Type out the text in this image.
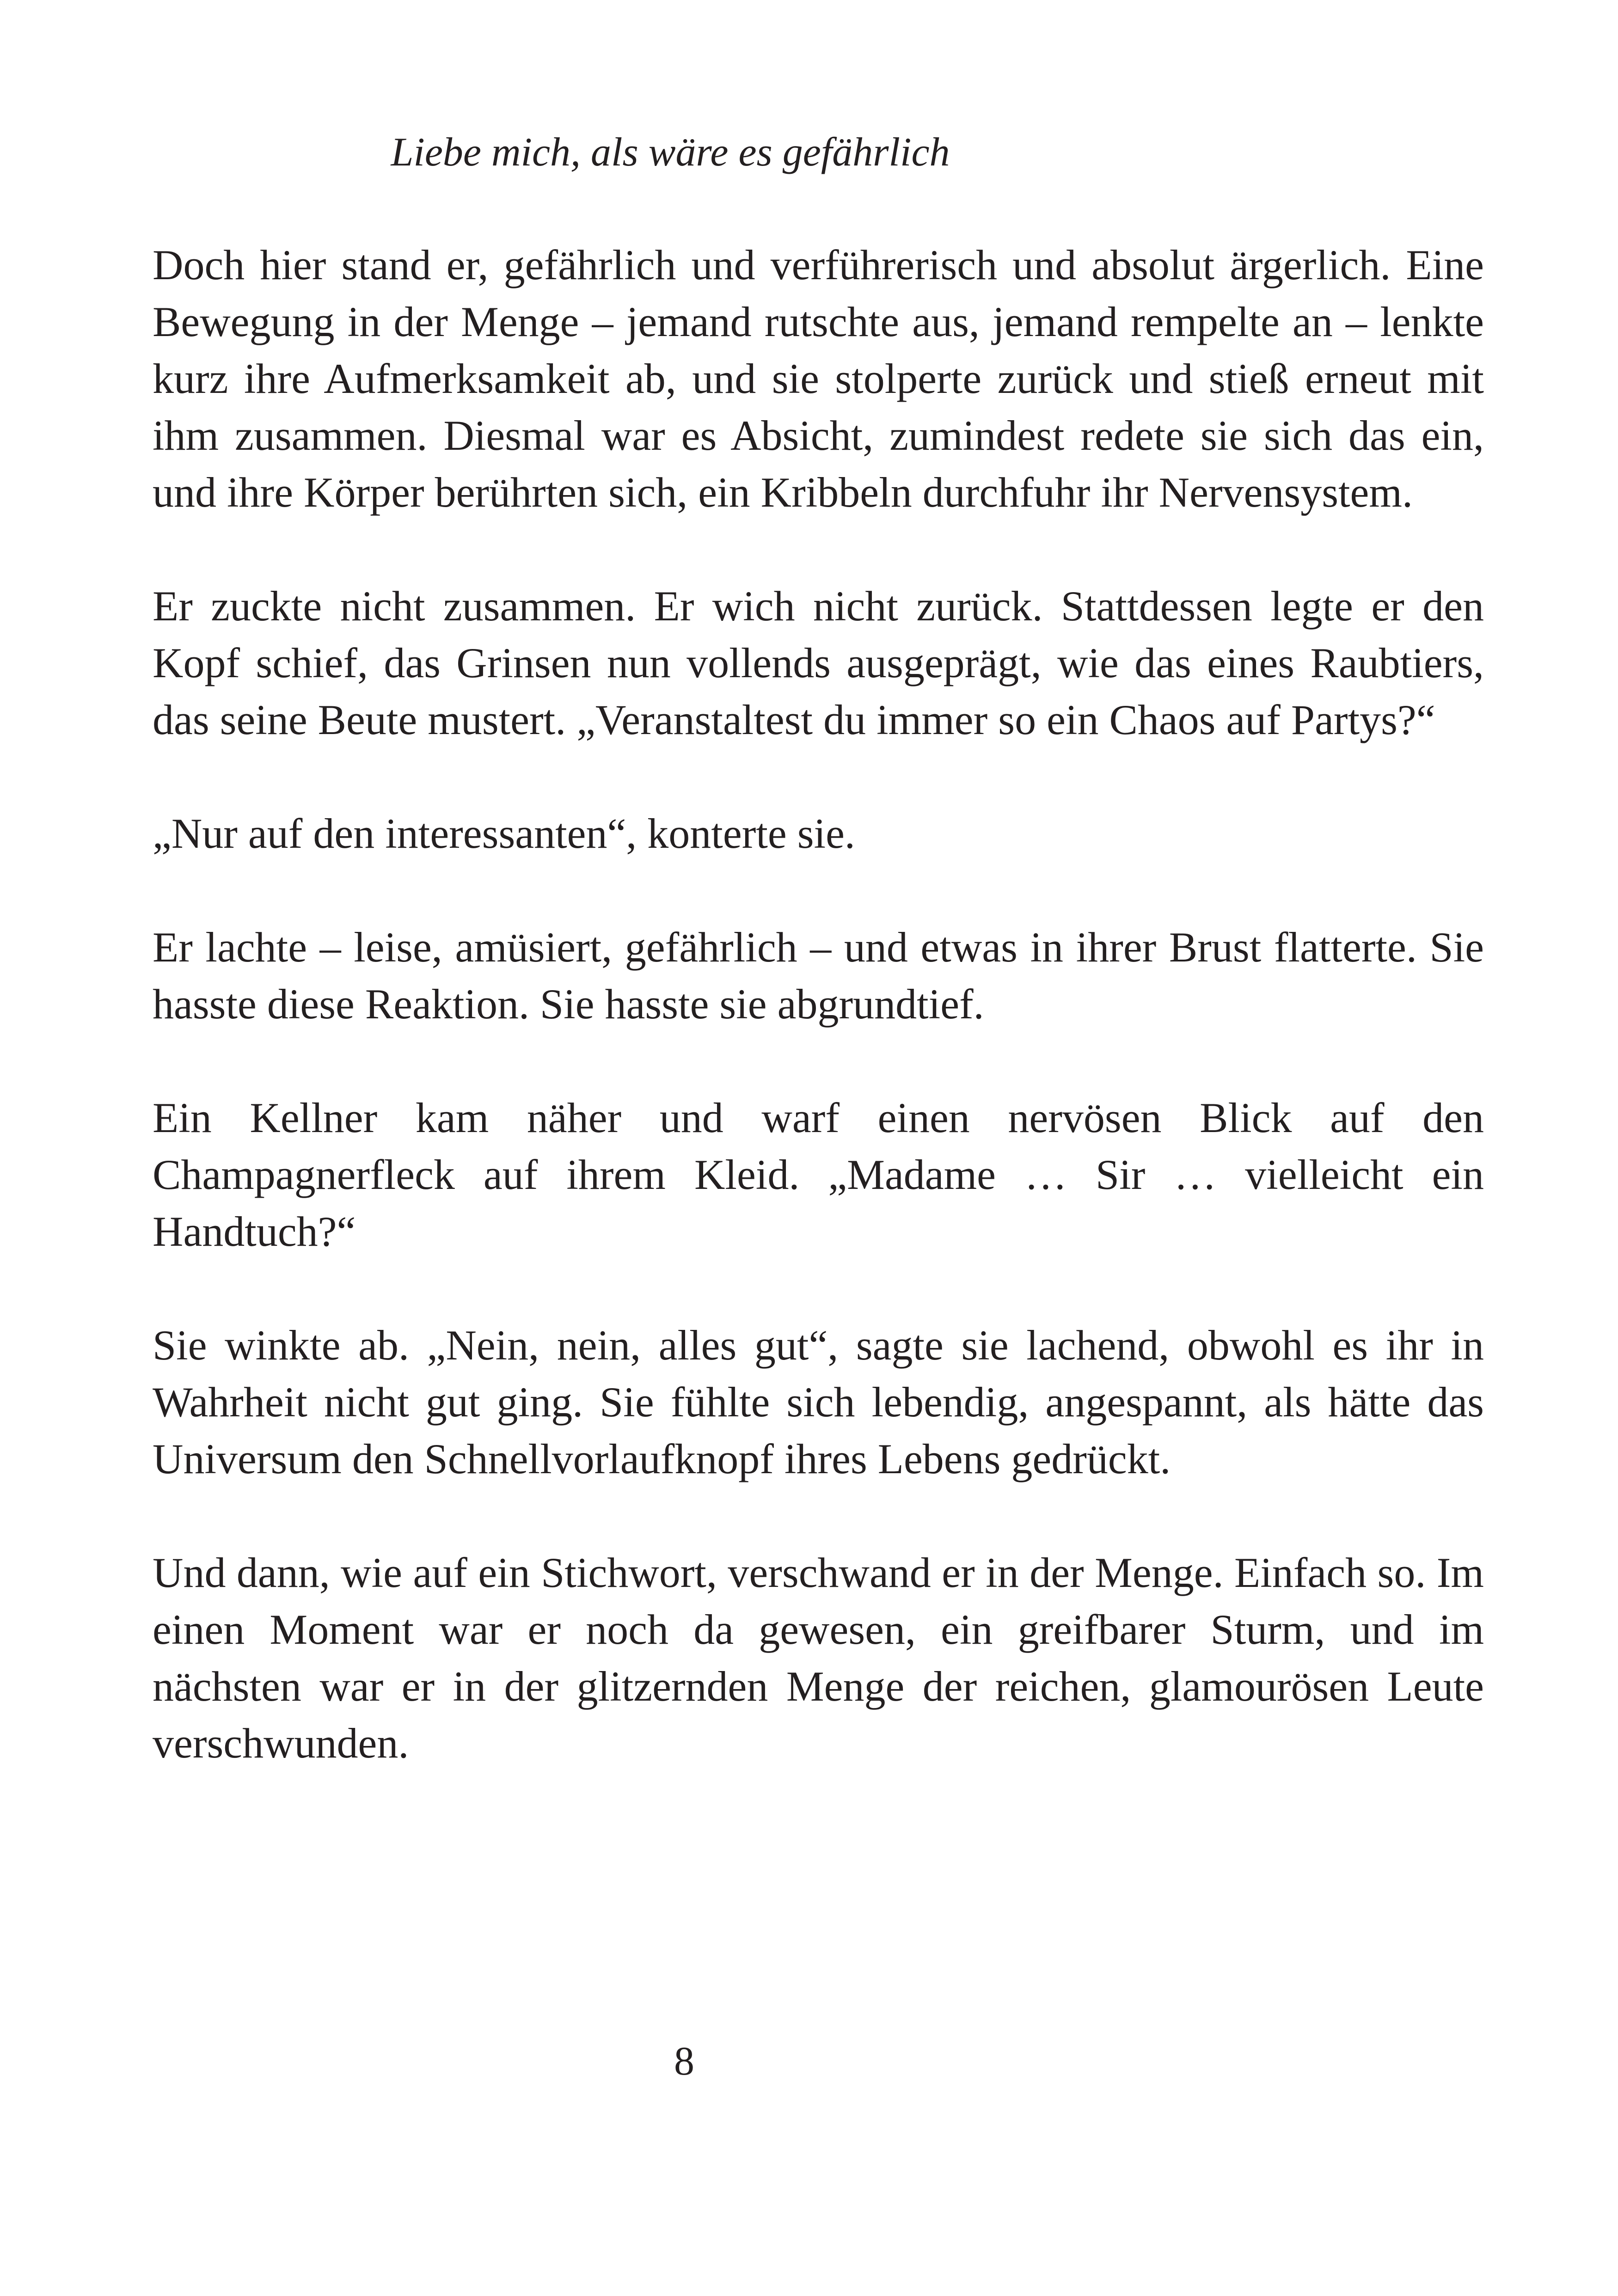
Liebe mich, als wäre es gefährlich

Doch hier stand er, gefährlich und verführerisch und absolut ärgerlich. Eine Bewegung in der Menge – jemand rutschte aus, jemand rempelte an – lenkte kurz ihre Aufmerksamkeit ab, und sie stolperte zurück und stieß erneut mit ihm zusammen. Diesmal war es Absicht, zumindest redete sie sich das ein, und ihre Körper berührten sich, ein Kribbeln durchfuhr ihr Nervensystem.

Er zuckte nicht zusammen. Er wich nicht zurück. Stattdessen legte er den Kopf schief, das Grinsen nun vollends ausgeprägt, wie das eines Raubtiers, das seine Beute mustert. „Veranstaltest du immer so ein Chaos auf Partys?“

„Nur auf den interessanten“, konterte sie.

Er lachte – leise, amüsiert, gefährlich – und etwas in ihrer Brust flatterte. Sie hasste diese Reaktion. Sie hasste sie abgrundtief.

Ein Kellner kam näher und warf einen nervösen Blick auf den Champagnerfleck auf ihrem Kleid. „Madame … Sir … vielleicht ein Handtuch?“

Sie winkte ab. „Nein, nein, alles gut“, sagte sie lachend, obwohl es ihr in Wahrheit nicht gut ging. Sie fühlte sich lebendig, angespannt, als hätte das Universum den Schnellvorlaufknopf ihres Lebens gedrückt.

Und dann, wie auf ein Stichwort, verschwand er in der Menge. Einfach so. Im einen Moment war er noch da gewesen, ein greifbarer Sturm, und im nächsten war er in der glitzernden Menge der reichen, glamourösen Leute verschwunden.

8
